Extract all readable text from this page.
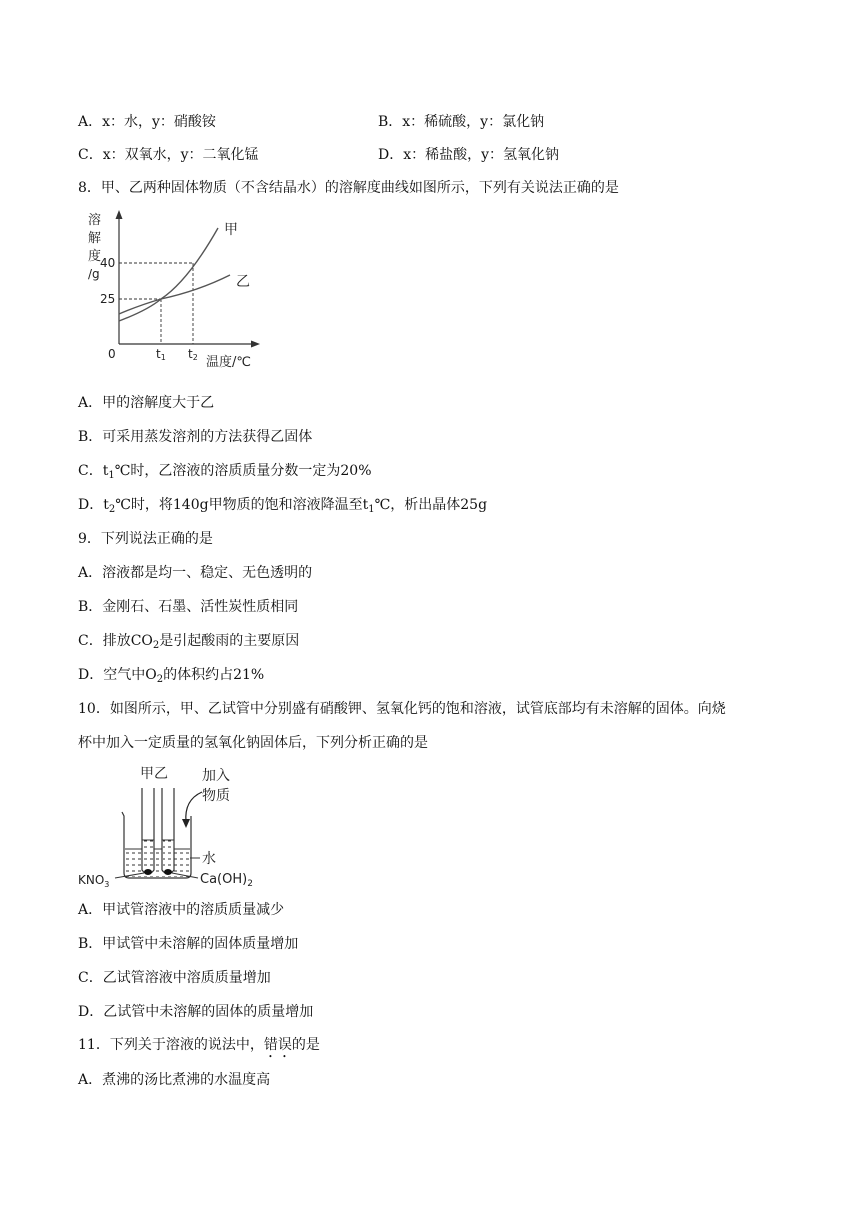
A．x：水，y：硝酸铵	B．x：稀硫酸，y：氯化钠
C．x：双氧水，y：二氧化锰	D．x：稀盐酸，y：氢氧化钠
8．甲、乙两种固体物质（不含结晶水）的溶解度曲线如图所示，下列有关说法正确的是
溶
解
度
/g
0
25
40
t1 t2 温度/℃
甲
乙
A．甲的溶解度大于乙
B．可采用蒸发溶剂的方法获得乙固体
C．$t_1℃$时，乙溶液的溶质质量分数一定为20%
D．$t_2℃$时，将140g甲物质的饱和溶液降温至$t_1℃$，析出晶体25g
9．下列说法正确的是
A．溶液都是均一、稳定、无色透明的
B．金刚石、石墨、活性炭性质相同
C．排放$CO_2$是引起酸雨的主要原因
D．空气中$O_2$的体积约占21%
10．如图所示，甲、乙试管中分别盛有硝酸钾、氢氧化钙的饱和溶液，试管底部均有未溶解的固体。向烧
杯中加入一定质量的氢氧化钠固体后，下列分析正确的是
甲乙 加入
物质
水
$KNO_3$	$Ca(OH)_2$
A．甲试管溶液中的溶质质量减少
B．甲试管中未溶解的固体质量增加
C．乙试管溶液中溶质质量增加
D．乙试管中未溶解的固体的质量增加
11．下列关于溶液的说法中，错误的是
A．煮沸的汤比煮沸的水温度高
